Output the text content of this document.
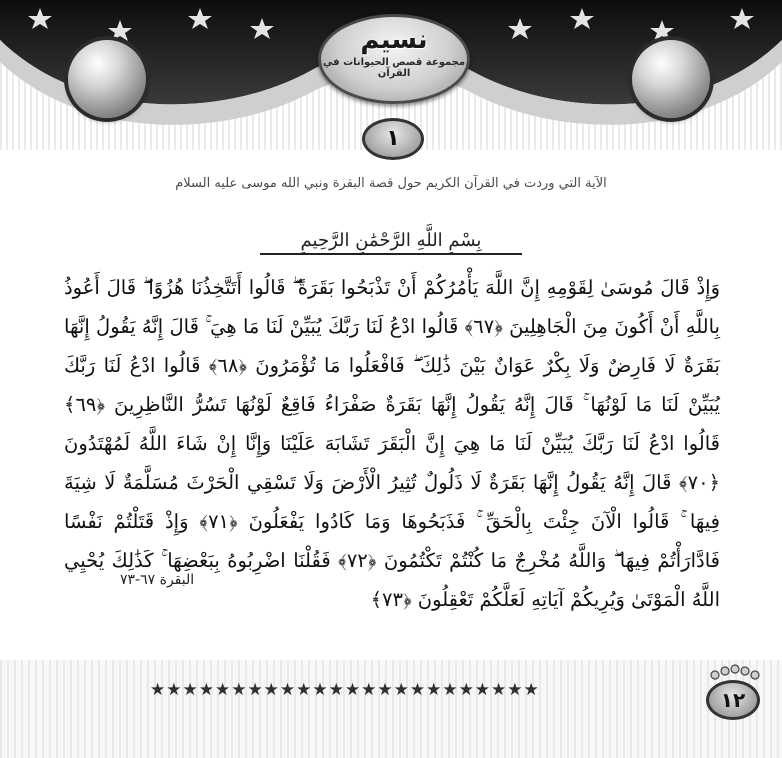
نسيم
مجموعة قصص الحيوانات في القرآن
١
الآية التي وردت في القرآن الكريم حول قصة البقرة ونبي الله موسى عليه السلام
بِسْمِ اللَّهِ الرَّحْمَٰنِ الرَّحِيمِ
وَإِذْ قَالَ مُوسَىٰ لِقَوْمِهِ إِنَّ اللَّهَ يَأْمُرُكُمْ أَنْ تَذْبَحُوا بَقَرَةً ۖ قَالُوا أَتَتَّخِذُنَا هُزُوًا ۖ قَالَ أَعُوذُ بِاللَّهِ أَنْ أَكُونَ مِنَ الْجَاهِلِينَ ﴿٦٧﴾ قَالُوا ادْعُ لَنَا رَبَّكَ يُبَيِّنْ لَنَا مَا هِيَ ۚ قَالَ إِنَّهُ يَقُولُ إِنَّهَا بَقَرَةٌ لَا فَارِضٌ وَلَا بِكْرٌ عَوَانٌ بَيْنَ ذَٰلِكَ ۖ فَافْعَلُوا مَا تُؤْمَرُونَ ﴿٦٨﴾ قَالُوا ادْعُ لَنَا رَبَّكَ يُبَيِّنْ لَنَا مَا لَوْنُهَا ۚ قَالَ إِنَّهُ يَقُولُ إِنَّهَا بَقَرَةٌ صَفْرَاءُ فَاقِعٌ لَوْنُهَا تَسُرُّ النَّاظِرِينَ ﴿٦٩﴾ قَالُوا ادْعُ لَنَا رَبَّكَ يُبَيِّنْ لَنَا مَا هِيَ إِنَّ الْبَقَرَ تَشَابَهَ عَلَيْنَا وَإِنَّا إِنْ شَاءَ اللَّهُ لَمُهْتَدُونَ ﴿٧٠﴾ قَالَ إِنَّهُ يَقُولُ إِنَّهَا بَقَرَةٌ لَا ذَلُولٌ تُثِيرُ الْأَرْضَ وَلَا تَسْقِي الْحَرْثَ مُسَلَّمَةٌ لَا شِيَةَ فِيهَا ۚ قَالُوا الْآنَ جِئْتَ بِالْحَقِّ ۚ فَذَبَحُوهَا وَمَا كَادُوا يَفْعَلُونَ ﴿٧١﴾ وَإِذْ قَتَلْتُمْ نَفْسًا فَادَّارَأْتُمْ فِيهَا ۖ وَاللَّهُ مُخْرِجٌ مَا كُنْتُمْ تَكْتُمُونَ ﴿٧٢﴾ فَقُلْنَا اضْرِبُوهُ بِبَعْضِهَا ۚ كَذَٰلِكَ يُحْيِي اللَّهُ الْمَوْتَىٰ وَيُرِيكُمْ آيَاتِهِ لَعَلَّكُمْ تَعْقِلُونَ ﴿٧٣﴾
البقرة ٦٧-٧٣
★★★★★★★★★★★★★★★★★★★★★★★★	١٢
